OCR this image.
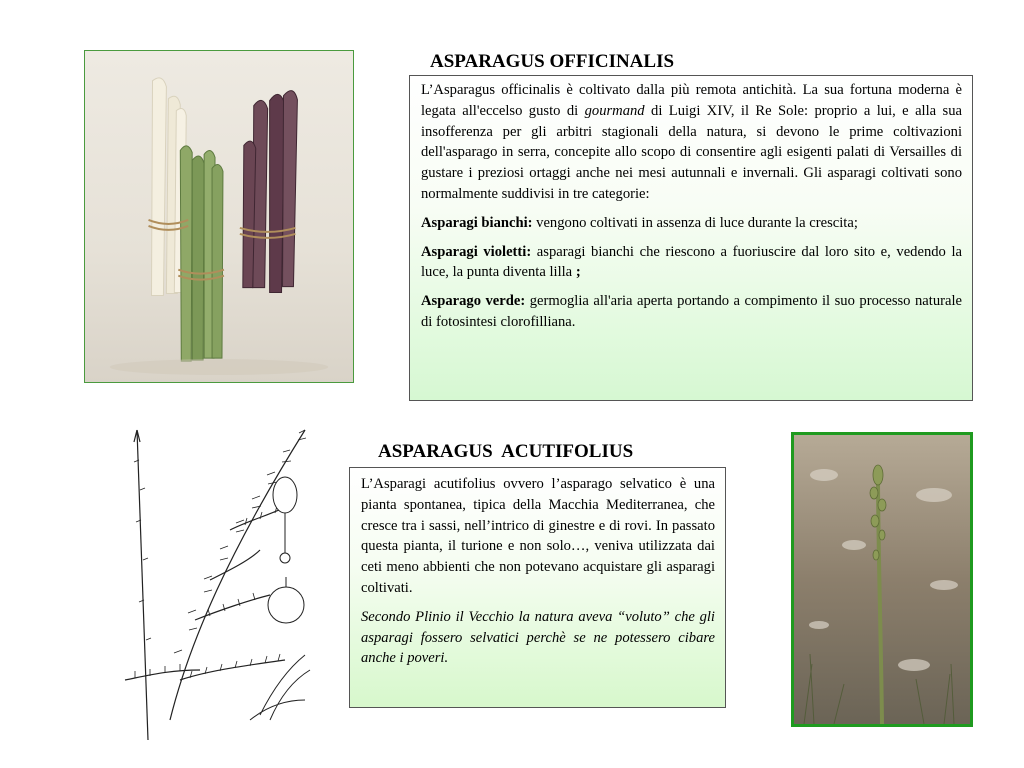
ASPARAGUS OFFICINALIS
ASPARAGUS  ACUTIFOLIUS

L’Asparagus officinalis è coltivato dalla più remota antichità. La sua fortuna moderna è legata all'eccelso gusto di gourmand di Luigi XIV, il Re Sole: proprio a lui, e alla sua insofferenza per gli arbitri stagionali della natura, si devono le prime coltivazioni dell'asparago in serra, concepite allo scopo di consentire agli esigenti palati di Versailles di gustare i preziosi ortaggi anche nei mesi autunnali e invernali. Gli asparagi coltivati sono normalmente suddivisi in tre categorie:

Asparagi bianchi: vengono coltivati in assenza di luce durante la crescita;

Asparagi violetti: asparagi bianchi che riescono a fuoriuscire dal loro sito e, vedendo la luce, la punta diventa lilla ;

Asparago verde: germoglia all'aria aperta portando a compimento il suo processo naturale di fotosintesi clorofilliana.

L’Asparagi acutifolius ovvero l’asparago selvatico è una pianta spontanea, tipica della Macchia Mediterranea, che cresce tra i sassi, nell’intrico di ginestre e di rovi. In passato questa pianta, il turione e non solo…, veniva utilizzata dai ceti meno abbienti che non potevano acquistare gli asparagi coltivati.

Secondo Plinio il Vecchio la natura aveva “voluto” che gli asparagi fossero selvatici perchè se ne potessero cibare anche i poveri.
